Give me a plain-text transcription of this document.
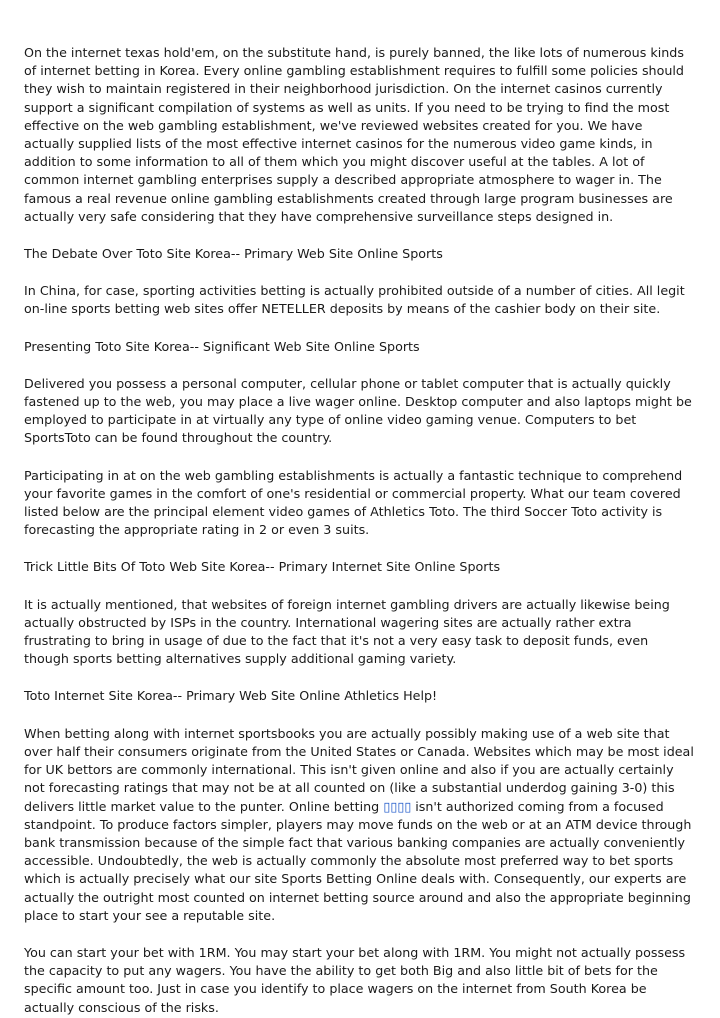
On the internet texas hold'em, on the substitute hand, is purely banned, the like lots of numerous kinds of internet betting in Korea. Every online gambling establishment requires to fulfill some policies should they wish to maintain registered in their neighborhood jurisdiction. On the internet casinos currently support a significant compilation of systems as well as units. If you need to be trying to find the most effective on the web gambling establishment, we've reviewed websites created for you. We have actually supplied lists of the most effective internet casinos for the numerous video game kinds, in addition to some information to all of them which you might discover useful at the tables. A lot of common internet gambling enterprises supply a described appropriate atmosphere to wager in. The famous a real revenue online gambling establishments created through large program businesses are actually very safe considering that they have comprehensive surveillance steps designed in.

The Debate Over Toto Site Korea-- Primary Web Site Online Sports

In China, for case, sporting activities betting is actually prohibited outside of a number of cities. All legit on-line sports betting web sites offer NETELLER deposits by means of the cashier body on their site.

Presenting Toto Site Korea-- Significant Web Site Online Sports

Delivered you possess a personal computer, cellular phone or tablet computer that is actually quickly fastened up to the web, you may place a live wager online. Desktop computer and also laptops might be employed to participate in at virtually any type of online video gaming venue. Computers to bet SportsToto can be found throughout the country.

Participating in at on the web gambling establishments is actually a fantastic technique to comprehend your favorite games in the comfort of one's residential or commercial property. What our team covered listed below are the principal element video games of Athletics Toto. The third Soccer Toto activity is forecasting the appropriate rating in 2 or even 3 suits.

Trick Little Bits Of Toto Web Site Korea-- Primary Internet Site Online Sports

It is actually mentioned, that websites of foreign internet gambling drivers are actually likewise being actually obstructed by ISPs in the country. International wagering sites are actually rather extra frustrating to bring in usage of due to the fact that it's not a very easy task to deposit funds, even though sports betting alternatives supply additional gaming variety.

Toto Internet Site Korea-- Primary Web Site Online Athletics Help!

When betting along with internet sportsbooks you are actually possibly making use of a web site that over half their consumers originate from the United States or Canada. Websites which may be most ideal for UK bettors are commonly international. This isn't given online and also if you are actually certainly not forecasting ratings that may not be at all counted on (like a substantial underdog gaining 3-0) this delivers little market value to the punter. Online betting ▯▯▯▯ isn't authorized coming from a focused standpoint. To produce factors simpler, players may move funds on the web or at an ATM device through bank transmission because of the simple fact that various banking companies are actually conveniently accessible. Undoubtedly, the web is actually commonly the absolute most preferred way to bet sports which is actually precisely what our site Sports Betting Online deals with. Consequently, our experts are actually the outright most counted on internet betting source around and also the appropriate beginning place to start your see a reputable site.

You can start your bet with 1RM. You may start your bet along with 1RM. You might not actually possess the capacity to put any wagers. You have the ability to get both Big and also little bit of bets for the specific amount too. Just in case you identify to place wagers on the internet from South Korea be actually conscious of the risks.
